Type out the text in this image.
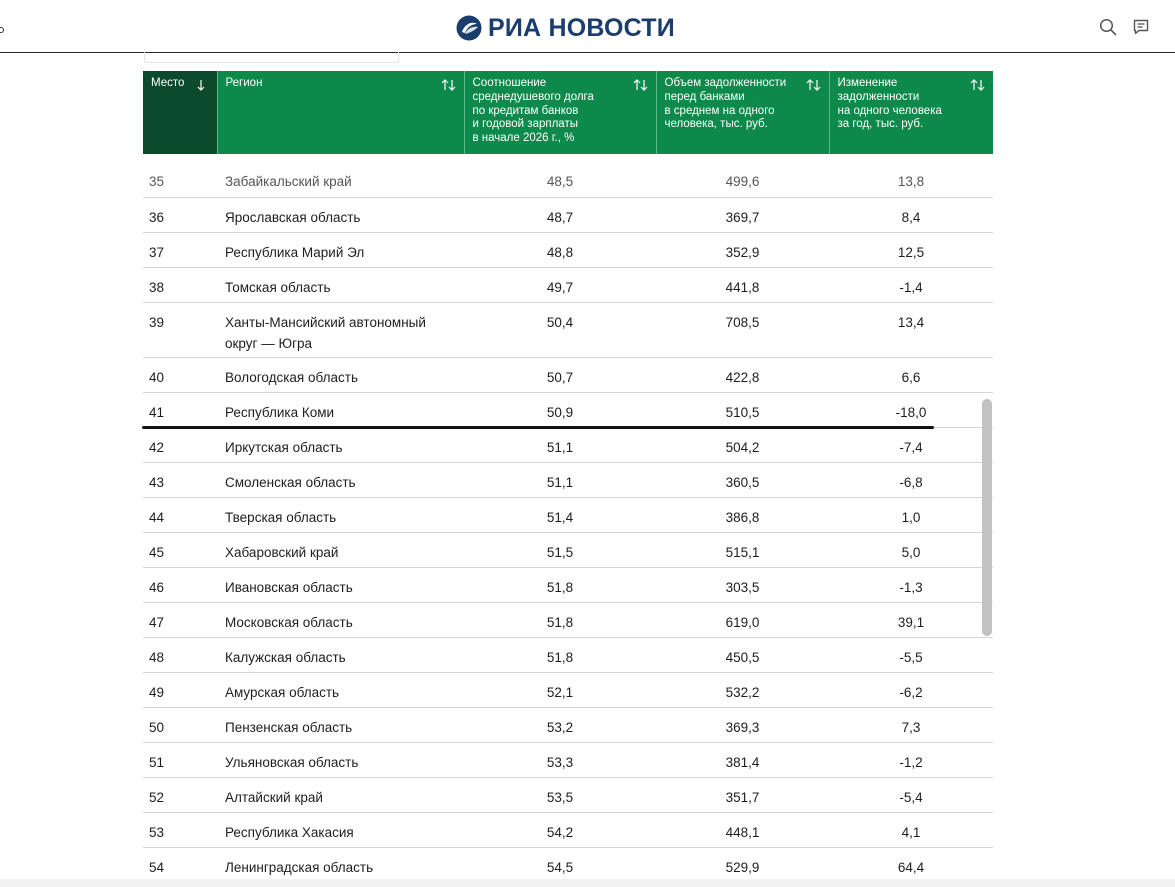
РИА НОВОСТИ
Место	Регион	Соотношение
среднедушевого долга
по кредитам банков
и годовой зарплаты
в начале 2026 г., %	Объем задолженности
перед банками
в среднем на одного
человека, тыс. руб.	Изменение
задолженности
на одного человека
за год, тыс. руб.

35	Забайкальский край	48,5	499,6	13,8
36	Ярославская область	48,7	369,7	8,4
37	Республика Марий Эл	48,8	352,9	12,5
38	Томская область	49,7	441,8	-1,4
39	Ханты-Мансийский автономный округ — Югра	50,4	708,5	13,4
40	Вологодская область	50,7	422,8	6,6
41	Республика Коми	50,9	510,5	-18,0
42	Иркутская область	51,1	504,2	-7,4
43	Смоленская область	51,1	360,5	-6,8
44	Тверская область	51,4	386,8	1,0
45	Хабаровский край	51,5	515,1	5,0
46	Ивановская область	51,8	303,5	-1,3
47	Московская область	51,8	619,0	39,1
48	Калужская область	51,8	450,5	-5,5
49	Амурская область	52,1	532,2	-6,2
50	Пензенская область	53,2	369,3	7,3
51	Ульяновская область	53,3	381,4	-1,2
52	Алтайский край	53,5	351,7	-5,4
53	Республика Хакасия	54,2	448,1	4,1
54	Ленинградская область	54,5	529,9	64,4
